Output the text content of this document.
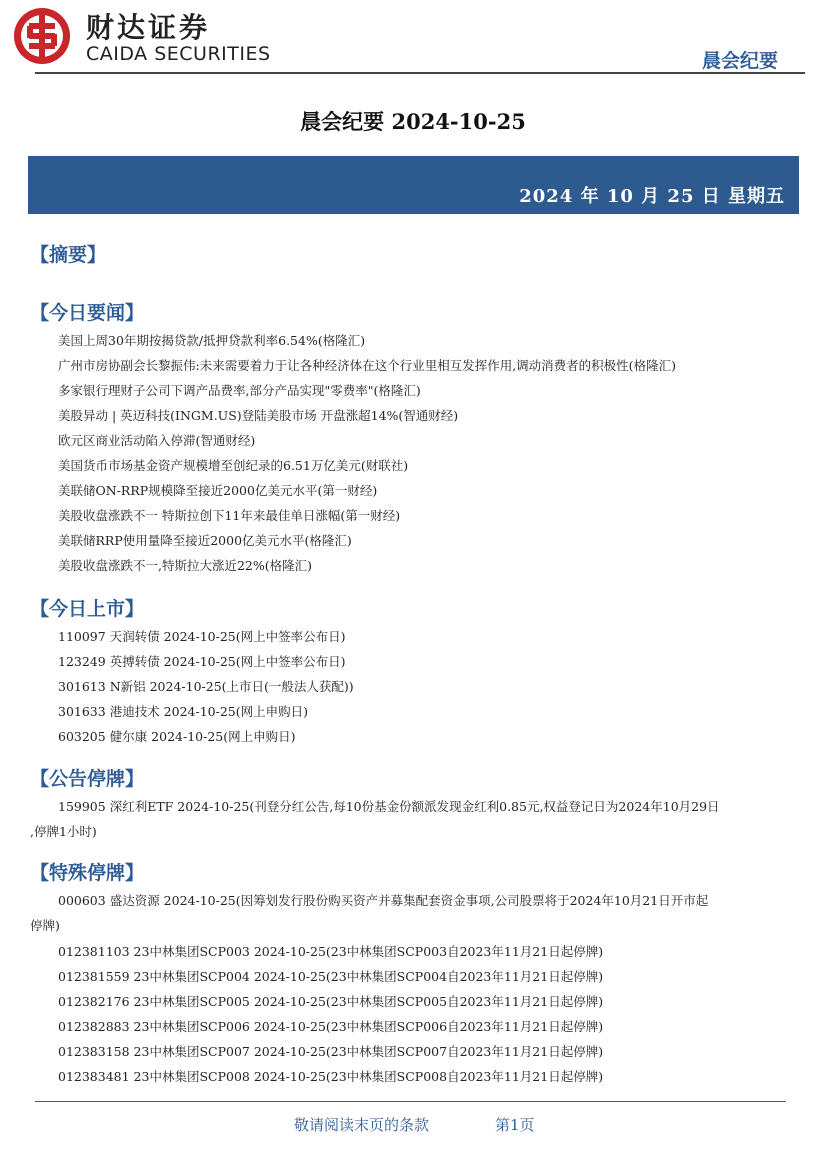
财达证券
CAIDA SECURITIES	晨会纪要
晨会纪要 2024-10-25
2024 年 10 月 25 日 星期五
【摘要】
【今日要闻】
美国上周30年期按揭贷款/抵押贷款利率6.54%(格隆汇)
广州市房协副会长黎振伟:未来需要着力于让各种经济体在这个行业里相互发挥作用,调动消费者的积极性(格隆汇)
多家银行理财子公司下调产品费率,部分产品实现"零费率"(格隆汇)
美股异动 | 英迈科技(INGM.US)登陆美股市场 开盘涨超14%(智通财经)
欧元区商业活动陷入停滞(智通财经)
美国货币市场基金资产规模增至创纪录的6.51万亿美元(财联社)
美联储ON-RRP规模降至接近2000亿美元水平(第一财经)
美股收盘涨跌不一 特斯拉创下11年来最佳单日涨幅(第一财经)
美联储RRP使用量降至接近2000亿美元水平(格隆汇)
美股收盘涨跌不一,特斯拉大涨近22%(格隆汇)
【今日上市】
110097 天润转债 2024-10-25(网上中签率公布日)
123249 英搏转债 2024-10-25(网上中签率公布日)
301613 N新铝 2024-10-25(上市日(一般法人获配))
301633 港迪技术 2024-10-25(网上申购日)
603205 健尔康 2024-10-25(网上申购日)
【公告停牌】
159905 深红利ETF 2024-10-25(刊登分红公告,每10份基金份额派发现金红利0.85元,权益登记日为2024年10月29日
,停牌1小时)
【特殊停牌】
000603 盛达资源 2024-10-25(因筹划发行股份购买资产并募集配套资金事项,公司股票将于2024年10月21日开市起
停牌)
012381103 23中林集团SCP003 2024-10-25(23中林集团SCP003自2023年11月21日起停牌)
012381559 23中林集团SCP004 2024-10-25(23中林集团SCP004自2023年11月21日起停牌)
012382176 23中林集团SCP005 2024-10-25(23中林集团SCP005自2023年11月21日起停牌)
012382883 23中林集团SCP006 2024-10-25(23中林集团SCP006自2023年11月21日起停牌)
012383158 23中林集团SCP007 2024-10-25(23中林集团SCP007自2023年11月21日起停牌)
012383481 23中林集团SCP008 2024-10-25(23中林集团SCP008自2023年11月21日起停牌)
敬请阅读末页的条款	第1页
